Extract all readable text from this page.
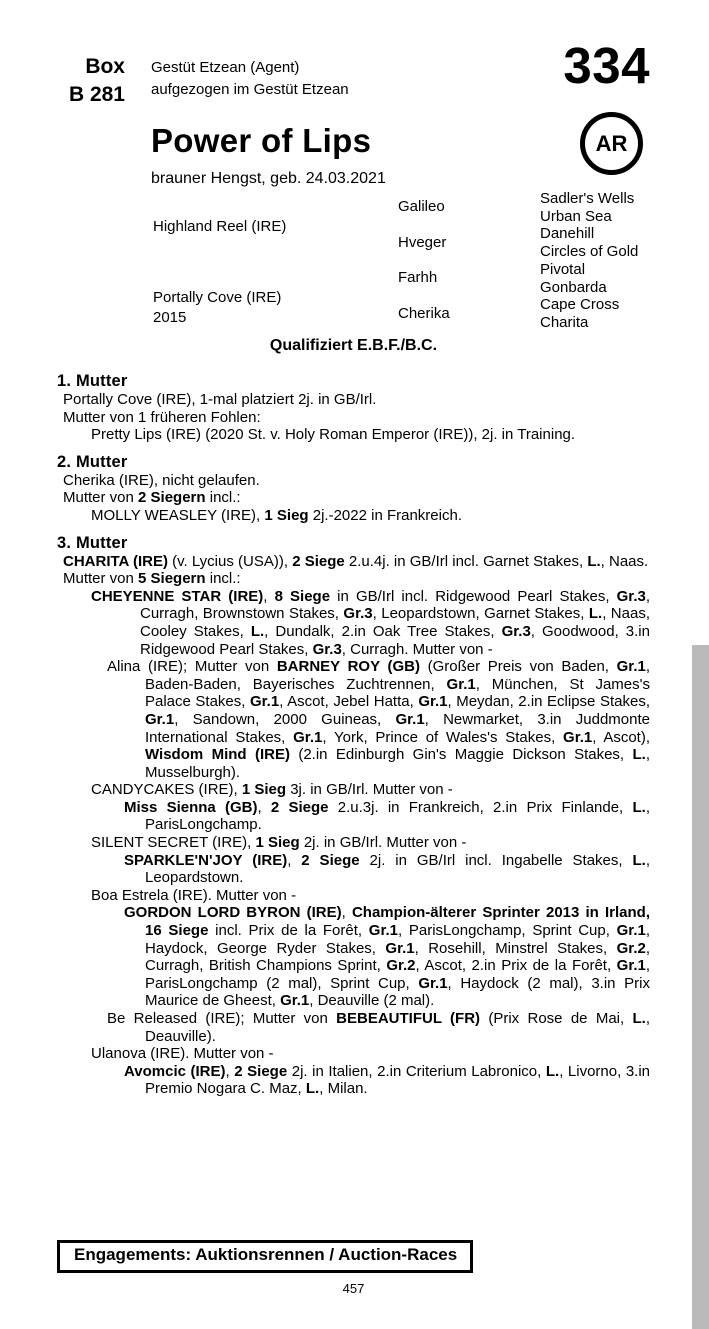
Box
B 281
Gestüt Etzean (Agent)
aufgezogen im Gestüt Etzean	334
Power of Lips
brauner Hengst, geb. 24.03.2021
AR
Highland Reel (IRE)
Portally Cove (IRE)
2015
Galileo
Hveger
Farhh
Cherika
Sadler's Wells
Urban Sea
Danehill
Circles of Gold
Pivotal
Gonbarda
Cape Cross
Charita
Qualifiziert E.B.F./B.C.
1. Mutter

Portally Cove (IRE), 1-mal platziert 2j. in GB/Irl.

Mutter von 1 früheren Fohlen:

Pretty Lips (IRE) (2020 St. v. Holy Roman Emperor (IRE)), 2j. in Training.

2. Mutter

Cherika (IRE), nicht gelaufen.

Mutter von 2 Siegern incl.:

MOLLY WEASLEY (IRE), 1 Sieg 2j.-2022 in Frankreich.

3. Mutter

CHARITA (IRE) (v. Lycius (USA)), 2 Siege 2.u.4j. in GB/Irl incl. Garnet Stakes, L., Naas.

Mutter von 5 Siegern incl.:

CHEYENNE STAR (IRE), 8 Siege in GB/Irl incl. Ridgewood Pearl Stakes, Gr.3, Curragh, Brownstown Stakes, Gr.3, Leopardstown, Garnet Stakes, L., Naas, Cooley Stakes, L., Dundalk, 2.in Oak Tree Stakes, Gr.3, Goodwood, 3.in Ridgewood Pearl Stakes, Gr.3, Curragh. Mutter von -

Alina (IRE); Mutter von BARNEY ROY (GB) (Großer Preis von Baden, Gr.1, Baden-Baden, Bayerisches Zuchtrennen, Gr.1, München, St James's Palace Stakes, Gr.1, Ascot, Jebel Hatta, Gr.1, Meydan, 2.in Eclipse Stakes, Gr.1, Sandown, 2000 Guineas, Gr.1, Newmarket, 3.in Juddmonte International Stakes, Gr.1, York, Prince of Wales's Stakes, Gr.1, Ascot), Wisdom Mind (IRE) (2.in Edinburgh Gin's Maggie Dickson Stakes, L., Musselburgh).

CANDYCAKES (IRE), 1 Sieg 3j. in GB/Irl. Mutter von -

Miss Sienna (GB), 2 Siege 2.u.3j. in Frankreich, 2.in Prix Finlande, L., ParisLongchamp.

SILENT SECRET (IRE), 1 Sieg 2j. in GB/Irl. Mutter von -

SPARKLE'N'JOY (IRE), 2 Siege 2j. in GB/Irl incl. Ingabelle Stakes, L., Leopardstown.

Boa Estrela (IRE). Mutter von -

GORDON LORD BYRON (IRE), Champion-älterer Sprinter 2013 in Irland, 16 Siege incl. Prix de la Forêt, Gr.1, ParisLongchamp, Sprint Cup, Gr.1, Haydock, George Ryder Stakes, Gr.1, Rosehill, Minstrel Stakes, Gr.2, Curragh, British Champions Sprint, Gr.2, Ascot, 2.in Prix de la Forêt, Gr.1, ParisLongchamp (2 mal), Sprint Cup, Gr.1, Haydock (2 mal), 3.in Prix Maurice de Gheest, Gr.1, Deauville (2 mal).

Be Released (IRE); Mutter von BEBEAUTIFUL (FR) (Prix Rose de Mai, L., Deauville).

Ulanova (IRE). Mutter von -

Avomcic (IRE), 2 Siege 2j. in Italien, 2.in Criterium Labronico, L., Livorno, 3.in Premio Nogara C. Maz, L., Milan.

Engagements: Auktionsrennen / Auction-Races
457
